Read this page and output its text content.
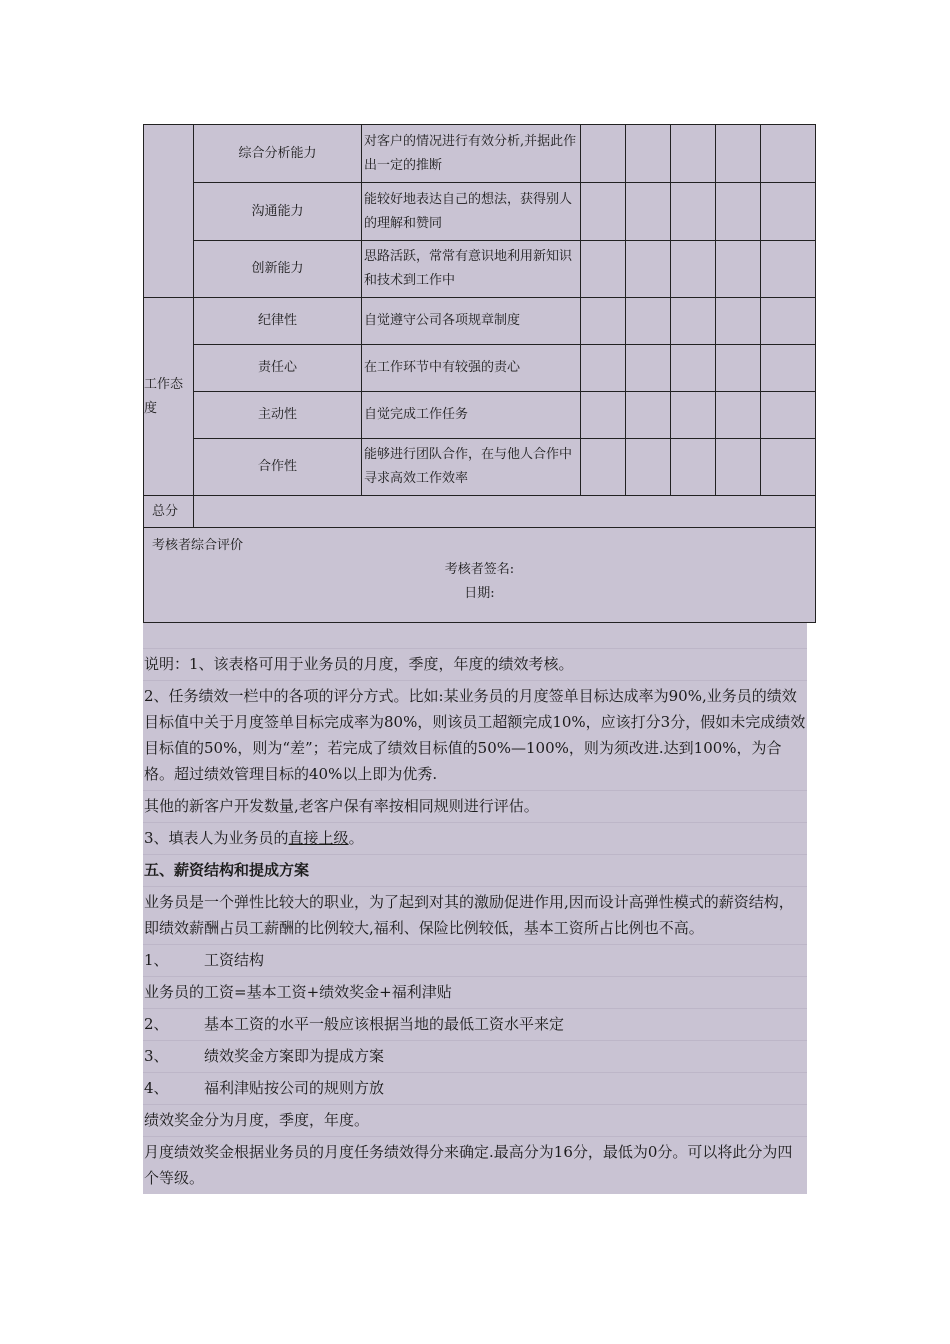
	综合分析能力	对客户的情况进行有效分析,并据此作出一定的推断					
	沟通能力	能较好地表达自己的想法，获得别人的理解和赞同					
	创新能力	思路活跃，常常有意识地利用新知识和技术到工作中					
工作态度	纪律性	自觉遵守公司各项规章制度					
	责任心	在工作环节中有较强的责心					
	主动性	自觉完成工作任务					
	合作性	能够进行团队合作，在与他人合作中寻求高效工作效率					
总分							

考核者综合评价
考核者签名:
日期:							

说明：1、该表格可用于业务员的月度，季度，年度的绩效考核。

2、任务绩效一栏中的各项的评分方式。比如:某业务员的月度签单目标达成率为90%,业务员的绩效目标值中关于月度签单目标完成率为80%，则该员工超额完成10%，应该打分3分，假如未完成绩效目标值的50%，则为“差”；若完成了绩效目标值的50%—100%，则为须改进.达到100%，为合格。超过绩效管理目标的40%以上即为优秀.

其他的新客户开发数量,老客户保有率按相同规则进行评估。

3、填表人为业务员的直接上级。

五、薪资结构和提成方案

业务员是一个弹性比较大的职业，为了起到对其的激励促进作用,因而设计高弹性模式的薪资结构，即绩效薪酬占员工薪酬的比例较大,福利、保险比例较低，基本工资所占比例也不高。

1、 工资结构

业务员的工资=基本工资+绩效奖金+福利津贴

2、 基本工资的水平一般应该根据当地的最低工资水平来定

3、 绩效奖金方案即为提成方案

4、 福利津贴按公司的规则方放

绩效奖金分为月度，季度，年度。

月度绩效奖金根据业务员的月度任务绩效得分来确定.最高分为16分，最低为0分。可以将此分为四个等级。
